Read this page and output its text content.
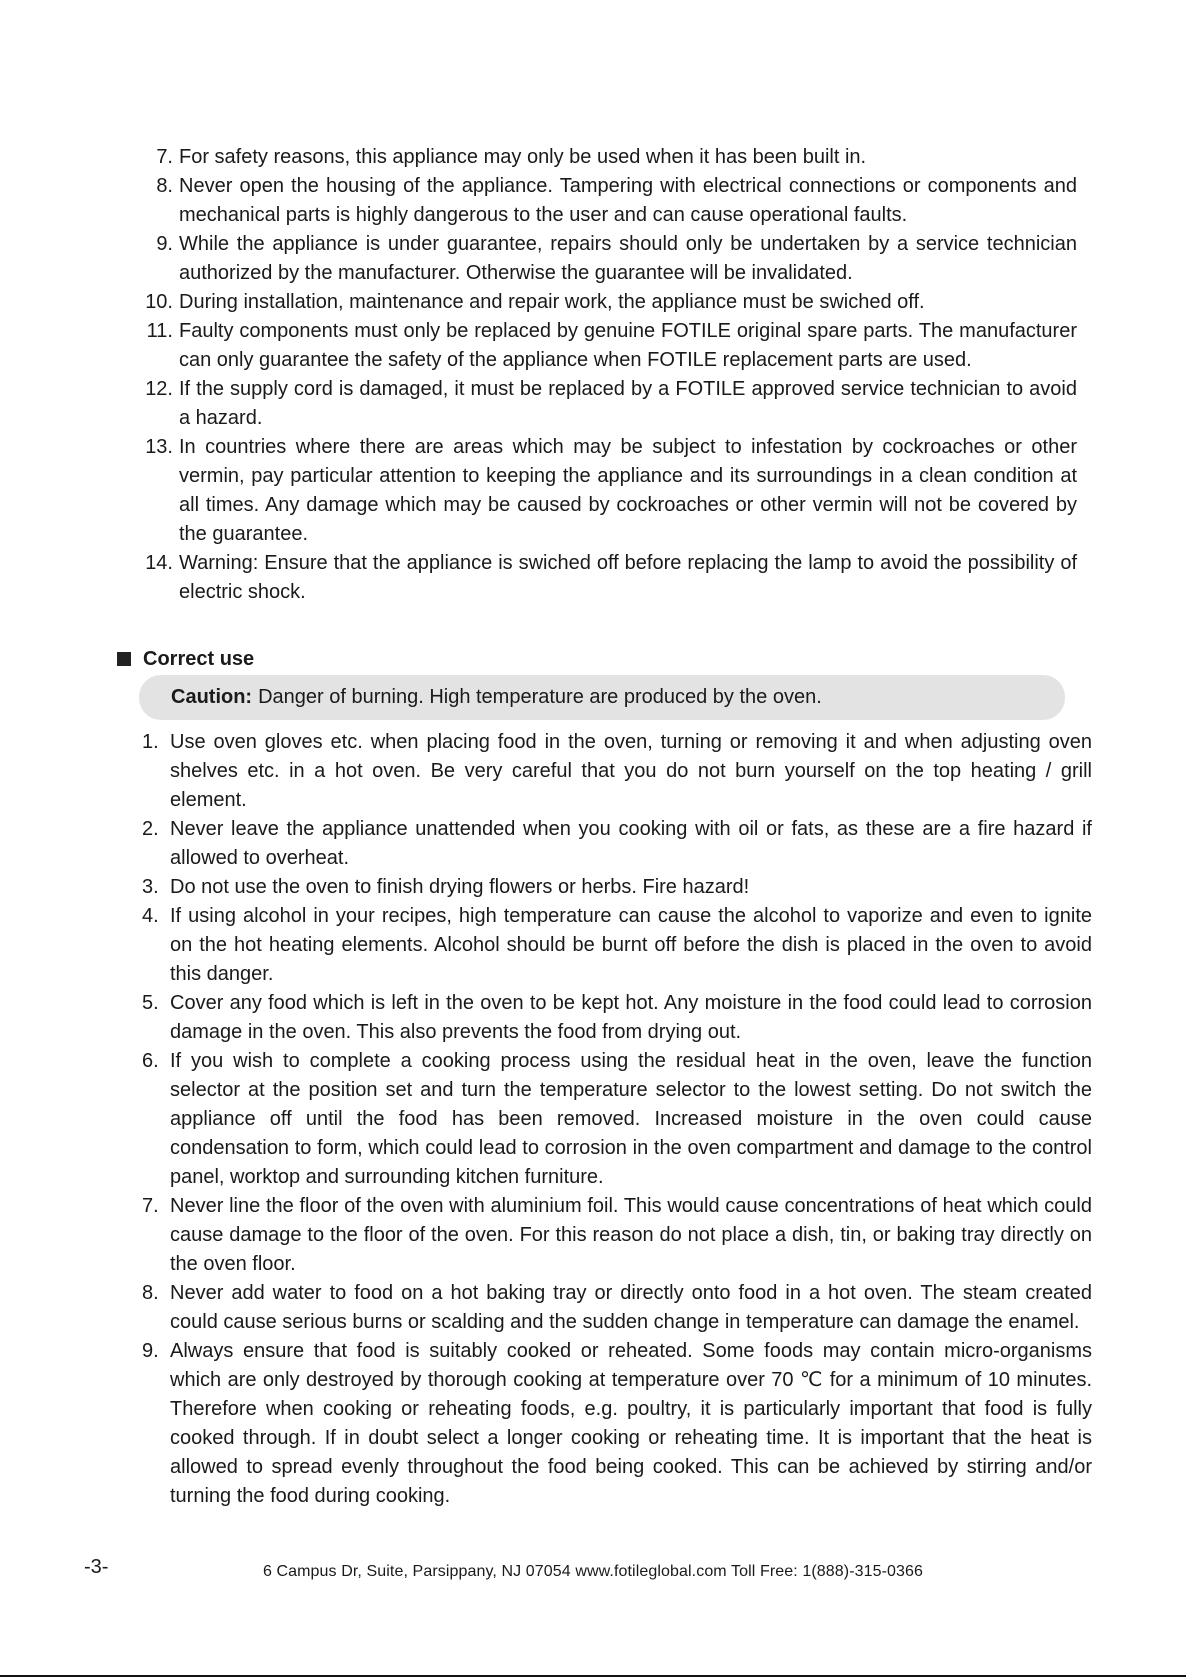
7. For safety reasons, this appliance may only be used when it has been built in.
8. Never open the housing of the appliance. Tampering with electrical connections or components and mechanical parts is highly dangerous to the user and can cause operational faults.
9. While the appliance is under guarantee, repairs should only be undertaken by a service technician authorized by the manufacturer. Otherwise the guarantee will be invalidated.
10. During installation, maintenance and repair work, the appliance must be swiched off.
11. Faulty components must only be replaced by genuine FOTILE original spare parts. The manufacturer can only guarantee the safety of the appliance when FOTILE replacement parts are used.
12. If the supply cord is damaged, it must be replaced by a FOTILE approved service technician to avoid a hazard.
13. In countries where there are areas which may be subject to infestation by cockroaches or other vermin, pay particular attention to keeping the appliance and its surroundings in a clean condition at all times. Any damage which may be caused by cockroaches or other vermin will not be covered by the guarantee.
14. Warning: Ensure that the appliance is swiched off before replacing the lamp to avoid the possibility of electric shock.
Correct use
Caution: Danger of burning. High temperature are produced by the oven.
1. Use oven gloves etc. when placing food in the oven, turning or removing it and when adjusting oven shelves etc. in a hot oven. Be very careful that you do not burn yourself on the top heating / grill element.
2. Never leave the appliance unattended when you cooking with oil or fats, as these are a fire hazard if allowed to overheat.
3. Do not use the oven to finish drying flowers or herbs. Fire hazard!
4. If using alcohol in your recipes, high temperature can cause the alcohol to vaporize and even to ignite on the hot heating elements. Alcohol should be burnt off before the dish is placed in the oven to avoid this danger.
5. Cover any food which is left in the oven to be kept hot. Any moisture in the food could lead to corrosion damage in the oven. This also prevents the food from drying out.
6. If you wish to complete a cooking process using the residual heat in the oven, leave the function selector at the position set and turn the temperature selector to the lowest setting. Do not switch the appliance off until the food has been removed. Increased moisture in the oven could cause condensation to form, which could lead to corrosion in the oven compartment and damage to the control panel, worktop and surrounding kitchen furniture.
7. Never line the floor of the oven with aluminium foil. This would cause concentrations of heat which could cause damage to the floor of the oven. For this reason do not place a dish, tin, or baking tray directly on the oven floor.
8. Never add water to food on a hot baking tray or directly onto food in a hot oven. The steam created could cause serious burns or scalding and the sudden change in temperature can damage the enamel.
9. Always ensure that food is suitably cooked or reheated. Some foods may contain micro-organisms which are only destroyed by thorough cooking at temperature over 70 ℃ for a minimum of 10 minutes. Therefore when cooking or reheating foods, e.g. poultry, it is particularly important that food is fully cooked through. If in doubt select a longer cooking or reheating time. It is important that the heat is allowed to spread evenly throughout the food being cooked. This can be achieved by stirring and/or turning the food during cooking.
-3-	6 Campus Dr, Suite, Parsippany, NJ 07054 www.fotileglobal.com Toll Free: 1(888)-315-0366
